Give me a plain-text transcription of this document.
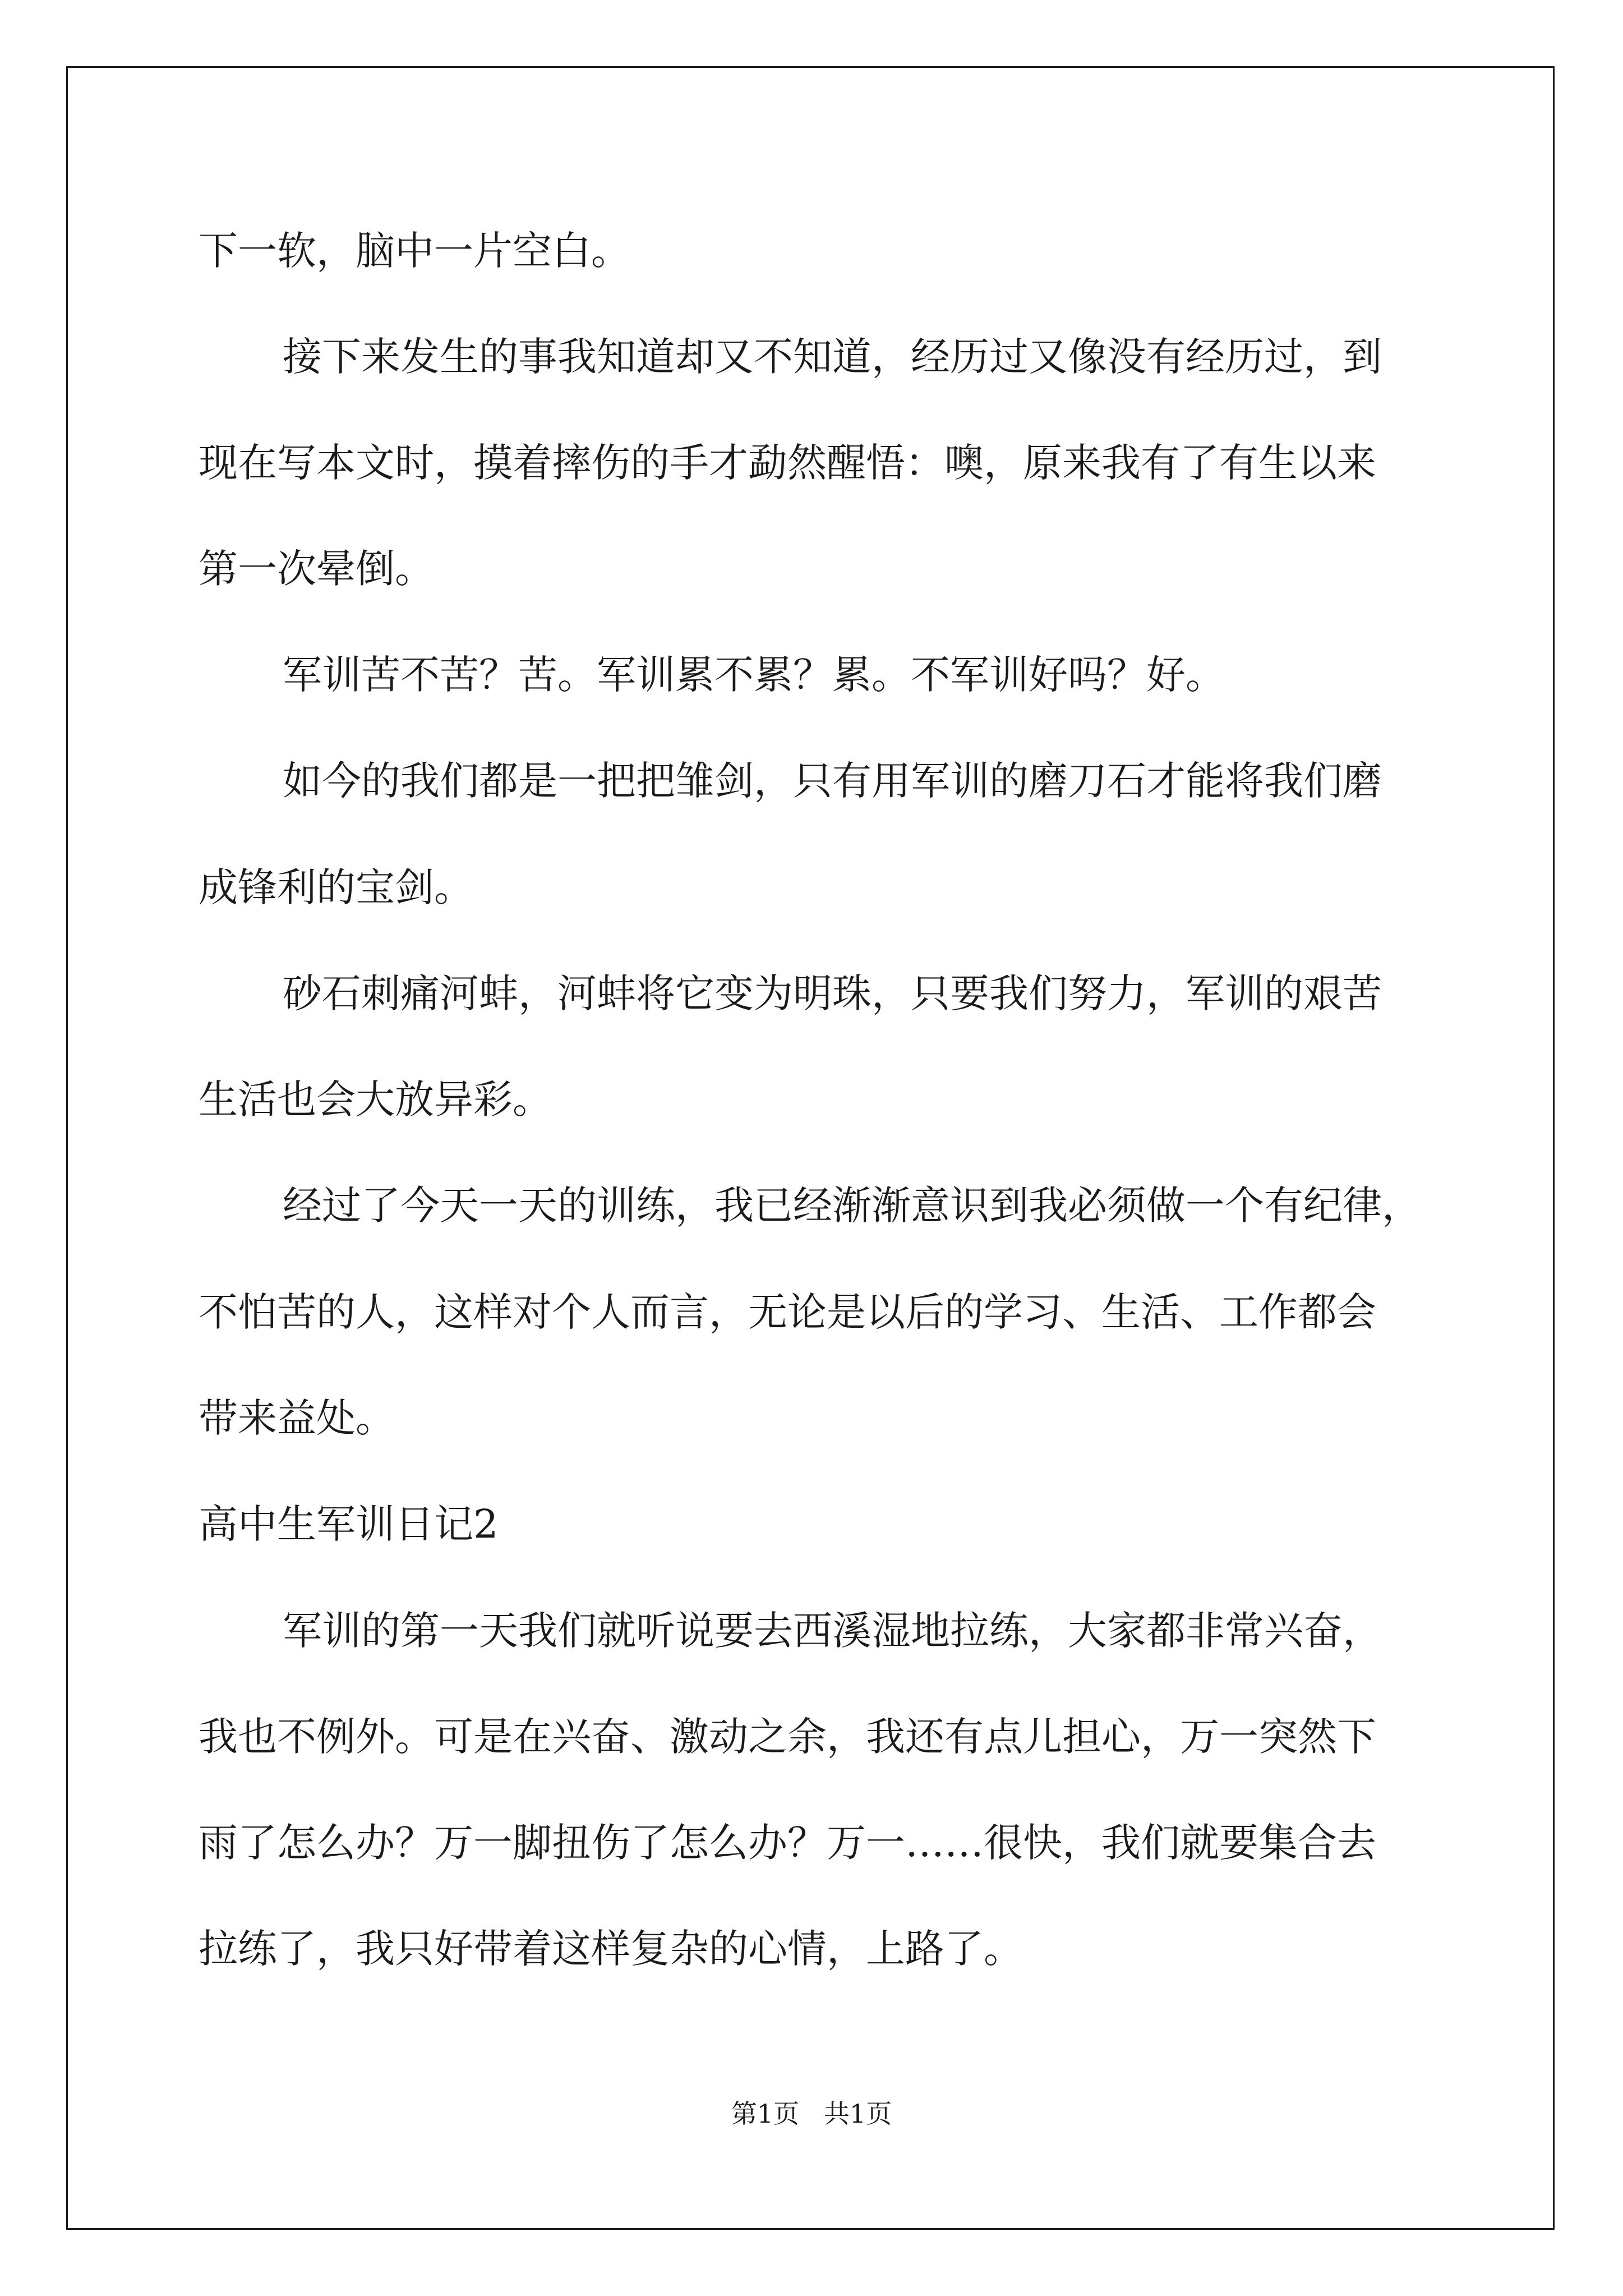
下一软，脑中一片空白。

接下来发生的事我知道却又不知道，经历过又像没有经历过，到

现在写本文时，摸着摔伤的手才勐然醒悟：噢，原来我有了有生以来

第一次晕倒。

军训苦不苦？苦。军训累不累？累。不军训好吗？好。

如今的我们都是一把把雏剑，只有用军训的磨刀石才能将我们磨

成锋利的宝剑。

砂石刺痛河蚌，河蚌将它变为明珠，只要我们努力，军训的艰苦

生活也会大放异彩。

经过了今天一天的训练，我已经渐渐意识到我必须做一个有纪律，

不怕苦的人，这样对个人而言，无论是以后的学习、生活、工作都会

带来益处。

高中生军训日记2

军训的第一天我们就听说要去西溪湿地拉练，大家都非常兴奋，

我也不例外。可是在兴奋、激动之余，我还有点儿担心，万一突然下

雨了怎么办？万一脚扭伤了怎么办？万一……很快，我们就要集合去

拉练了，我只好带着这样复杂的心情，上路了。

第1页   共1页
